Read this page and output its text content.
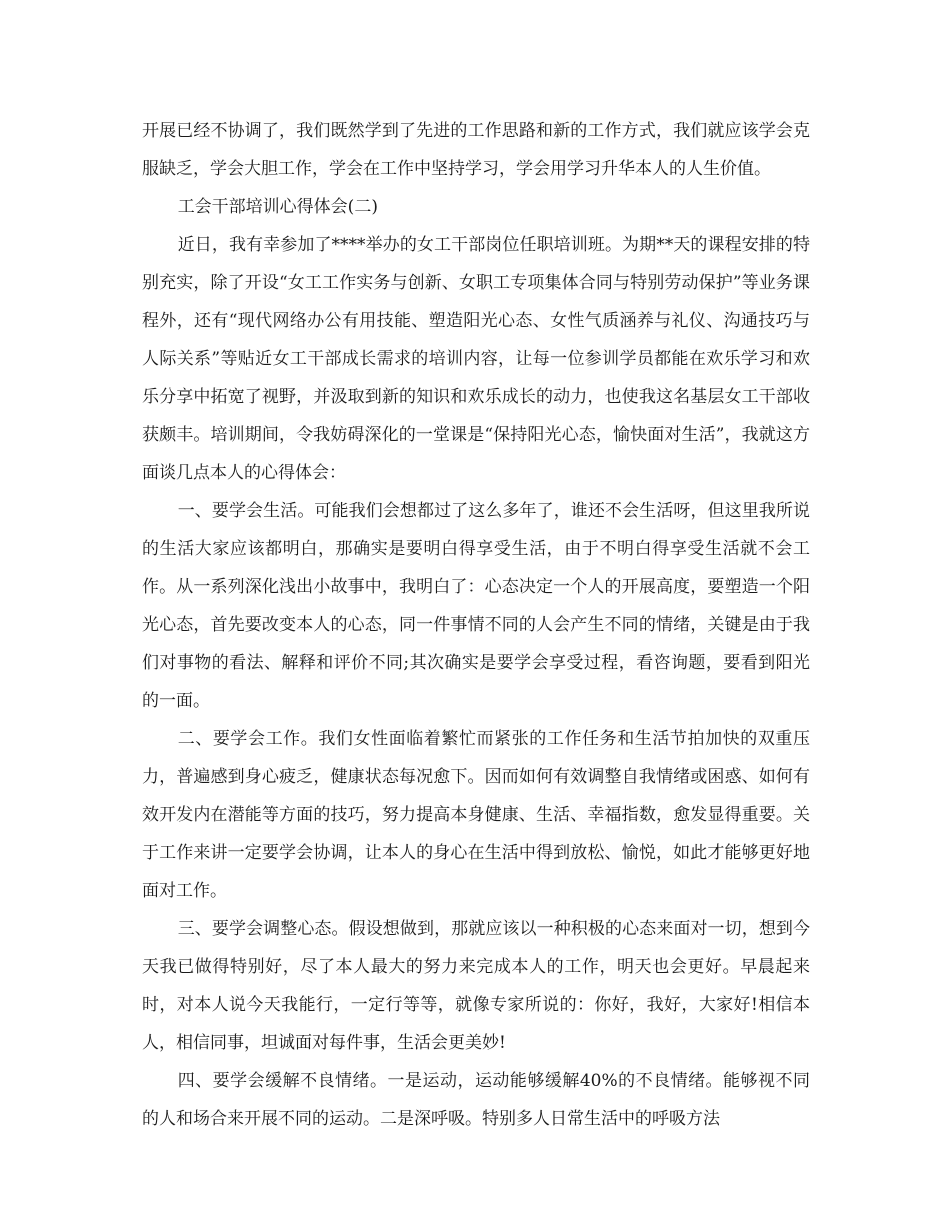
开展已经不协调了，我们既然学到了先进的工作思路和新的工作方式，我们就应该学会克服缺乏，学会大胆工作，学会在工作中坚持学习，学会用学习升华本人的人生价值。

工会干部培训心得体会(二)

近日，我有幸参加了****举办的女工干部岗位任职培训班。为期**天的课程安排的特别充实，除了开设“女工工作实务与创新、女职工专项集体合同与特别劳动保护”等业务课程外，还有“现代网络办公有用技能、塑造阳光心态、女性气质涵养与礼仪、沟通技巧与人际关系”等贴近女工干部成长需求的培训内容，让每一位参训学员都能在欢乐学习和欢乐分享中拓宽了视野，并汲取到新的知识和欢乐成长的动力，也使我这名基层女工干部收获颇丰。培训期间，令我妨碍深化的一堂课是“保持阳光心态，愉快面对生活”，我就这方面谈几点本人的心得体会：

一、要学会生活。可能我们会想都过了这么多年了，谁还不会生活呀，但这里我所说的生活大家应该都明白，那确实是要明白得享受生活，由于不明白得享受生活就不会工作。从一系列深化浅出小故事中，我明白了：心态决定一个人的开展高度，要塑造一个阳光心态，首先要改变本人的心态，同一件事情不同的人会产生不同的情绪，关键是由于我们对事物的看法、解释和评价不同;其次确实是要学会享受过程，看咨询题，要看到阳光的一面。

二、要学会工作。我们女性面临着繁忙而紧张的工作任务和生活节拍加快的双重压力，普遍感到身心疲乏，健康状态每况愈下。因而如何有效调整自我情绪或困惑、如何有效开发内在潜能等方面的技巧，努力提高本身健康、生活、幸福指数，愈发显得重要。关于工作来讲一定要学会协调，让本人的身心在生活中得到放松、愉悦，如此才能够更好地面对工作。

三、要学会调整心态。假设想做到，那就应该以一种积极的心态来面对一切，想到今天我已做得特别好，尽了本人最大的努力来完成本人的工作，明天也会更好。早晨起来时，对本人说今天我能行，一定行等等，就像专家所说的：你好，我好，大家好!相信本人，相信同事，坦诚面对每件事，生活会更美妙!

四、要学会缓解不良情绪。一是运动，运动能够缓解40%的不良情绪。能够视不同的人和场合来开展不同的运动。二是深呼吸。特别多人日常生活中的呼吸方法
